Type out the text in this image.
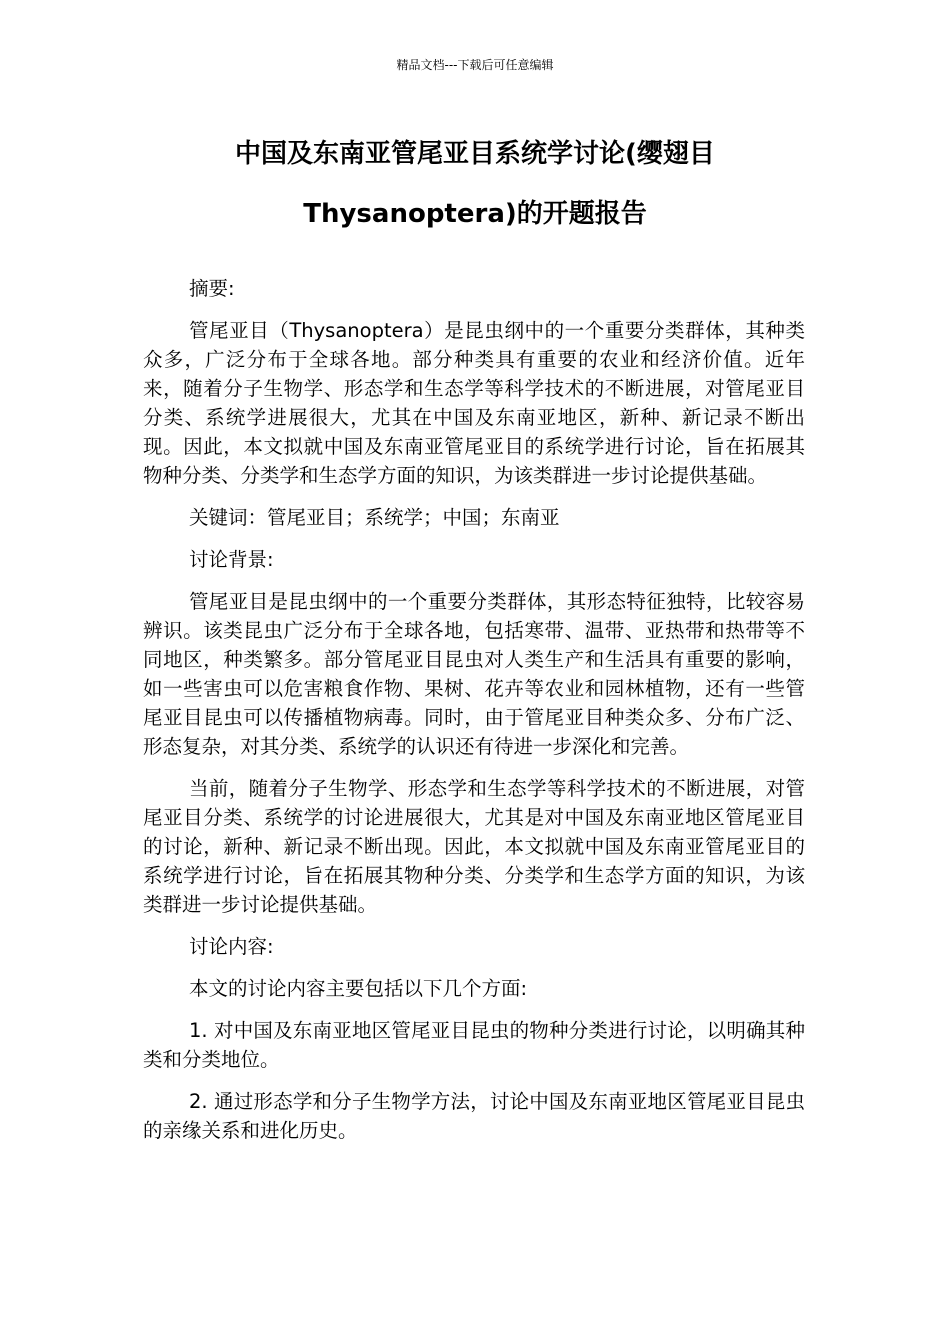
精品文档---下载后可任意编辑
中国及东南亚管尾亚目系统学讨论(缨翅目
Thysanoptera)的开题报告

摘要:

管尾亚目（Thysanoptera）是昆虫纲中的一个重要分类群体，其种类众多，广泛分布于全球各地。部分种类具有重要的农业和经济价值。近年来，随着分子生物学、形态学和生态学等科学技术的不断进展，对管尾亚目分类、系统学进展很大，尤其在中国及东南亚地区，新种、新记录不断出现。因此，本文拟就中国及东南亚管尾亚目的系统学进行讨论，旨在拓展其物种分类、分类学和生态学方面的知识，为该类群进一步讨论提供基础。

关键词：管尾亚目；系统学；中国；东南亚

讨论背景:

管尾亚目是昆虫纲中的一个重要分类群体，其形态特征独特，比较容易辨识。该类昆虫广泛分布于全球各地，包括寒带、温带、亚热带和热带等不同地区，种类繁多。部分管尾亚目昆虫对人类生产和生活具有重要的影响，如一些害虫可以危害粮食作物、果树、花卉等农业和园林植物，还有一些管尾亚目昆虫可以传播植物病毒。同时，由于管尾亚目种类众多、分布广泛、形态复杂，对其分类、系统学的认识还有待进一步深化和完善。

当前，随着分子生物学、形态学和生态学等科学技术的不断进展，对管尾亚目分类、系统学的讨论进展很大，尤其是对中国及东南亚地区管尾亚目的讨论，新种、新记录不断出现。因此，本文拟就中国及东南亚管尾亚目的系统学进行讨论，旨在拓展其物种分类、分类学和生态学方面的知识，为该类群进一步讨论提供基础。

讨论内容:

本文的讨论内容主要包括以下几个方面:

1. 对中国及东南亚地区管尾亚目昆虫的物种分类进行讨论，以明确其种类和分类地位。

2. 通过形态学和分子生物学方法，讨论中国及东南亚地区管尾亚目昆虫的亲缘关系和进化历史。
